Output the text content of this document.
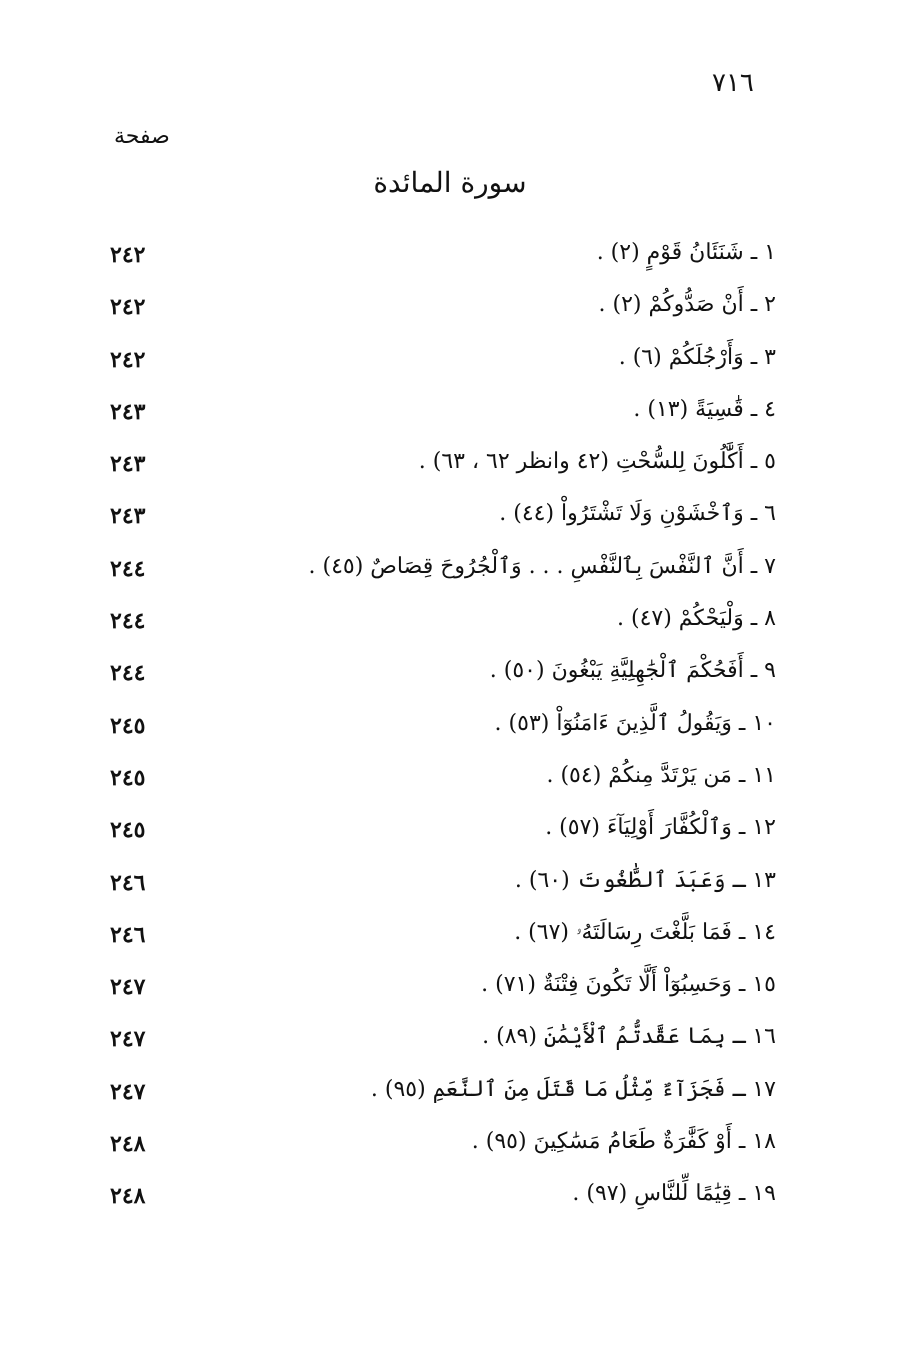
٧١٦
صفحة
سورة المائدة
١ ـ شَنَئَانُ قَوْمٍ (٢) .
٢٤٢
٢ ـ أَنْ صَدُّوكُمْ (٢) .
٢٤٢
٣ ـ وَأَرْجُلَكُمْ (٦) .
٢٤٢
٤ ـ قَٰسِيَةً (١٣) .
٢٤٣
٥ ـ أَكَّٰلُونَ لِلسُّحْتِ (٤٢ وانظر ٦٢ ، ٦٣) .
٢٤٣
٦ ـ وَٱخْشَوْنِ وَلَا تَشْتَرُواْ (٤٤) .
٢٤٣
٧ ـ أَنَّ ٱلنَّفْسَ بِٱلنَّفْسِ . . . وَٱلْجُرُوحَ قِصَاصٌ (٤٥) .
٢٤٤
٨ ـ وَلْيَحْكُمْ (٤٧) .
٢٤٤
٩ ـ أَفَحُكْمَ ٱلْجَٰهِلِيَّةِ يَبْغُونَ (٥٠) .
٢٤٤
١٠ ـ وَيَقُولُ ٱلَّذِينَ ءَامَنُوٓاْ (٥٣) .
٢٤٥
١١ ـ مَن يَرْتَدَّ مِنكُمْ (٥٤) .
٢٤٥
١٢ ـ وَٱلْكُفَّارَ أَوْلِيَآءَ (٥٧) .
٢٤٥
١٣ ـ وَعَبَدَ ٱلطَّٰغُوتَ (٦٠) .
٢٤٦
١٤ ـ فَمَا بَلَّغْتَ رِسَالَتَهُۥ (٦٧) .
٢٤٦
١٥ ـ وَحَسِبُوٓاْ أَلَّا تَكُونَ فِتْنَةٌ (٧١) .
٢٤٧
١٦ ـ بِمَا عَقَّدتُّمُ ٱلْأَيْمَٰنَ (٨٩) .
٢٤٧
١٧ ـ فَجَزَآءٌ مِّثْلُ مَا قَتَلَ مِنَ ٱلنَّعَمِ (٩٥) .
٢٤٧
١٨ ـ أَوْ كَفَّٰرَةٌ طَعَامُ مَسَٰكِينَ (٩٥) .
٢٤٨
١٩ ـ قِيَٰمًا لِّلنَّاسِ (٩٧) .
٢٤٨
